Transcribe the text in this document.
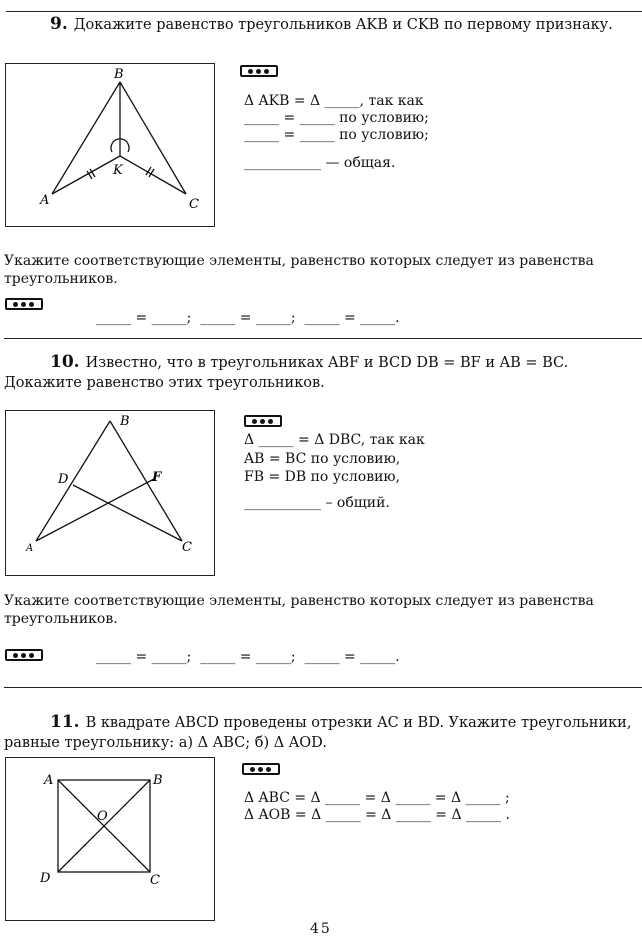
9. Докажите равенство треугольников AKB и CKB по первому признаку.
B
K
A	C
Δ AKB = Δ _____, так как
_____ = _____ по условию;
_____ = _____ по условию;
___________ — общая.
Укажите соответствующие элементы, равенство которых следует из равенства треугольников.
_____ = _____;  _____ = _____;  _____ = _____.
10. Известно, что в треугольниках ABF и BCD DB = BF и AB = BC. Докажите равенство этих треугольников.
B
D	F
A	C
Δ _____ = Δ DBC, так как
AB = BC по условию,
FB = DB по условию,
___________ – общий.
Укажите соответствующие элементы, равенство которых следует из равенства треугольников.
_____ = _____;  _____ = _____;  _____ = _____.
11. В квадрате ABCD проведены отрезки AC и BD. Укажите треугольники, равные треугольнику: а) Δ ABC; б) Δ AOD.
A	B
O
D	C
Δ ABC = Δ _____ = Δ _____ = Δ _____ ;
Δ AOB = Δ _____ = Δ _____ = Δ _____ .
45
